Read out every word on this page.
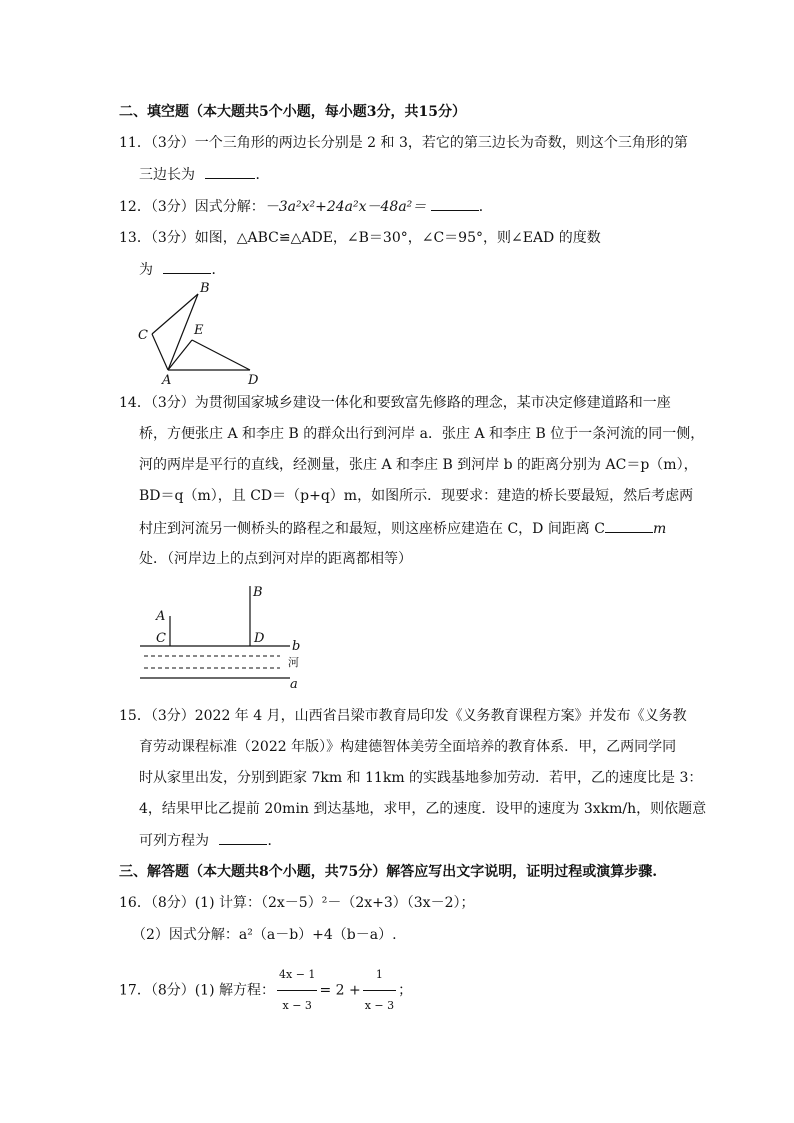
二、填空题（本大题共5个小题，每小题3分，共15分）
11．（3分）一个三角形的两边长分别是 2 和 3，若它的第三边长为奇数，则这个三角形的第
三边长为	．
12．（3分）因式分解：－3a²x²+24a²x－48a²＝	．
13．（3分）如图，△ABC≌△ADE，∠B＝30°，∠C＝95°，则∠EAD 的度数
为	．
B
C	E
A	D
14．（3分）为贯彻国家城乡建设一体化和要致富先修路的理念，某市决定修建道路和一座
桥，方便张庄 A 和李庄 B 的群众出行到河岸 a．张庄 A 和李庄 B 位于一条河流的同一侧，
河的两岸是平行的直线，经测量，张庄 A 和李庄 B 到河岸 b 的距离分别为 AC＝p（m），
BD＝q（m），且 CD＝（p+q）m，如图所示．现要求：建造的桥长要最短，然后考虑两
村庄到河流另一侧桥头的路程之和最短，则这座桥应建造在 C，D 间距离 C	m
处．（河岸边上的点到河对岸的距离都相等）
B
A
C	D
b
河
a
15．（3分）2022 年 4 月，山西省吕梁市教育局印发《义务教育课程方案》并发布《义务教
育劳动课程标准（2022 年版）》构建德智体美劳全面培养的教育体系．甲，乙两同学同
时从家里出发，分别到距家 7km 和 11km 的实践基地参加劳动．若甲，乙的速度比是 3：
4，结果甲比乙提前 20min 到达基地，求甲，乙的速度．设甲的速度为 3xkm/h，则依题意
可列方程为	．
三、解答题（本大题共8个小题，共75分）解答应写出文字说明，证明过程或演算步骤.
16．（8分）(1) 计算：（2x－5）²－（2x+3）（3x－2）；
（2）因式分解：a²（a－b）+4（b－a）.
17．（8分）(1) 解方程： $\frac{4x - 1}{x - 3} = 2 + \frac{1}{x - 3}$ ；
